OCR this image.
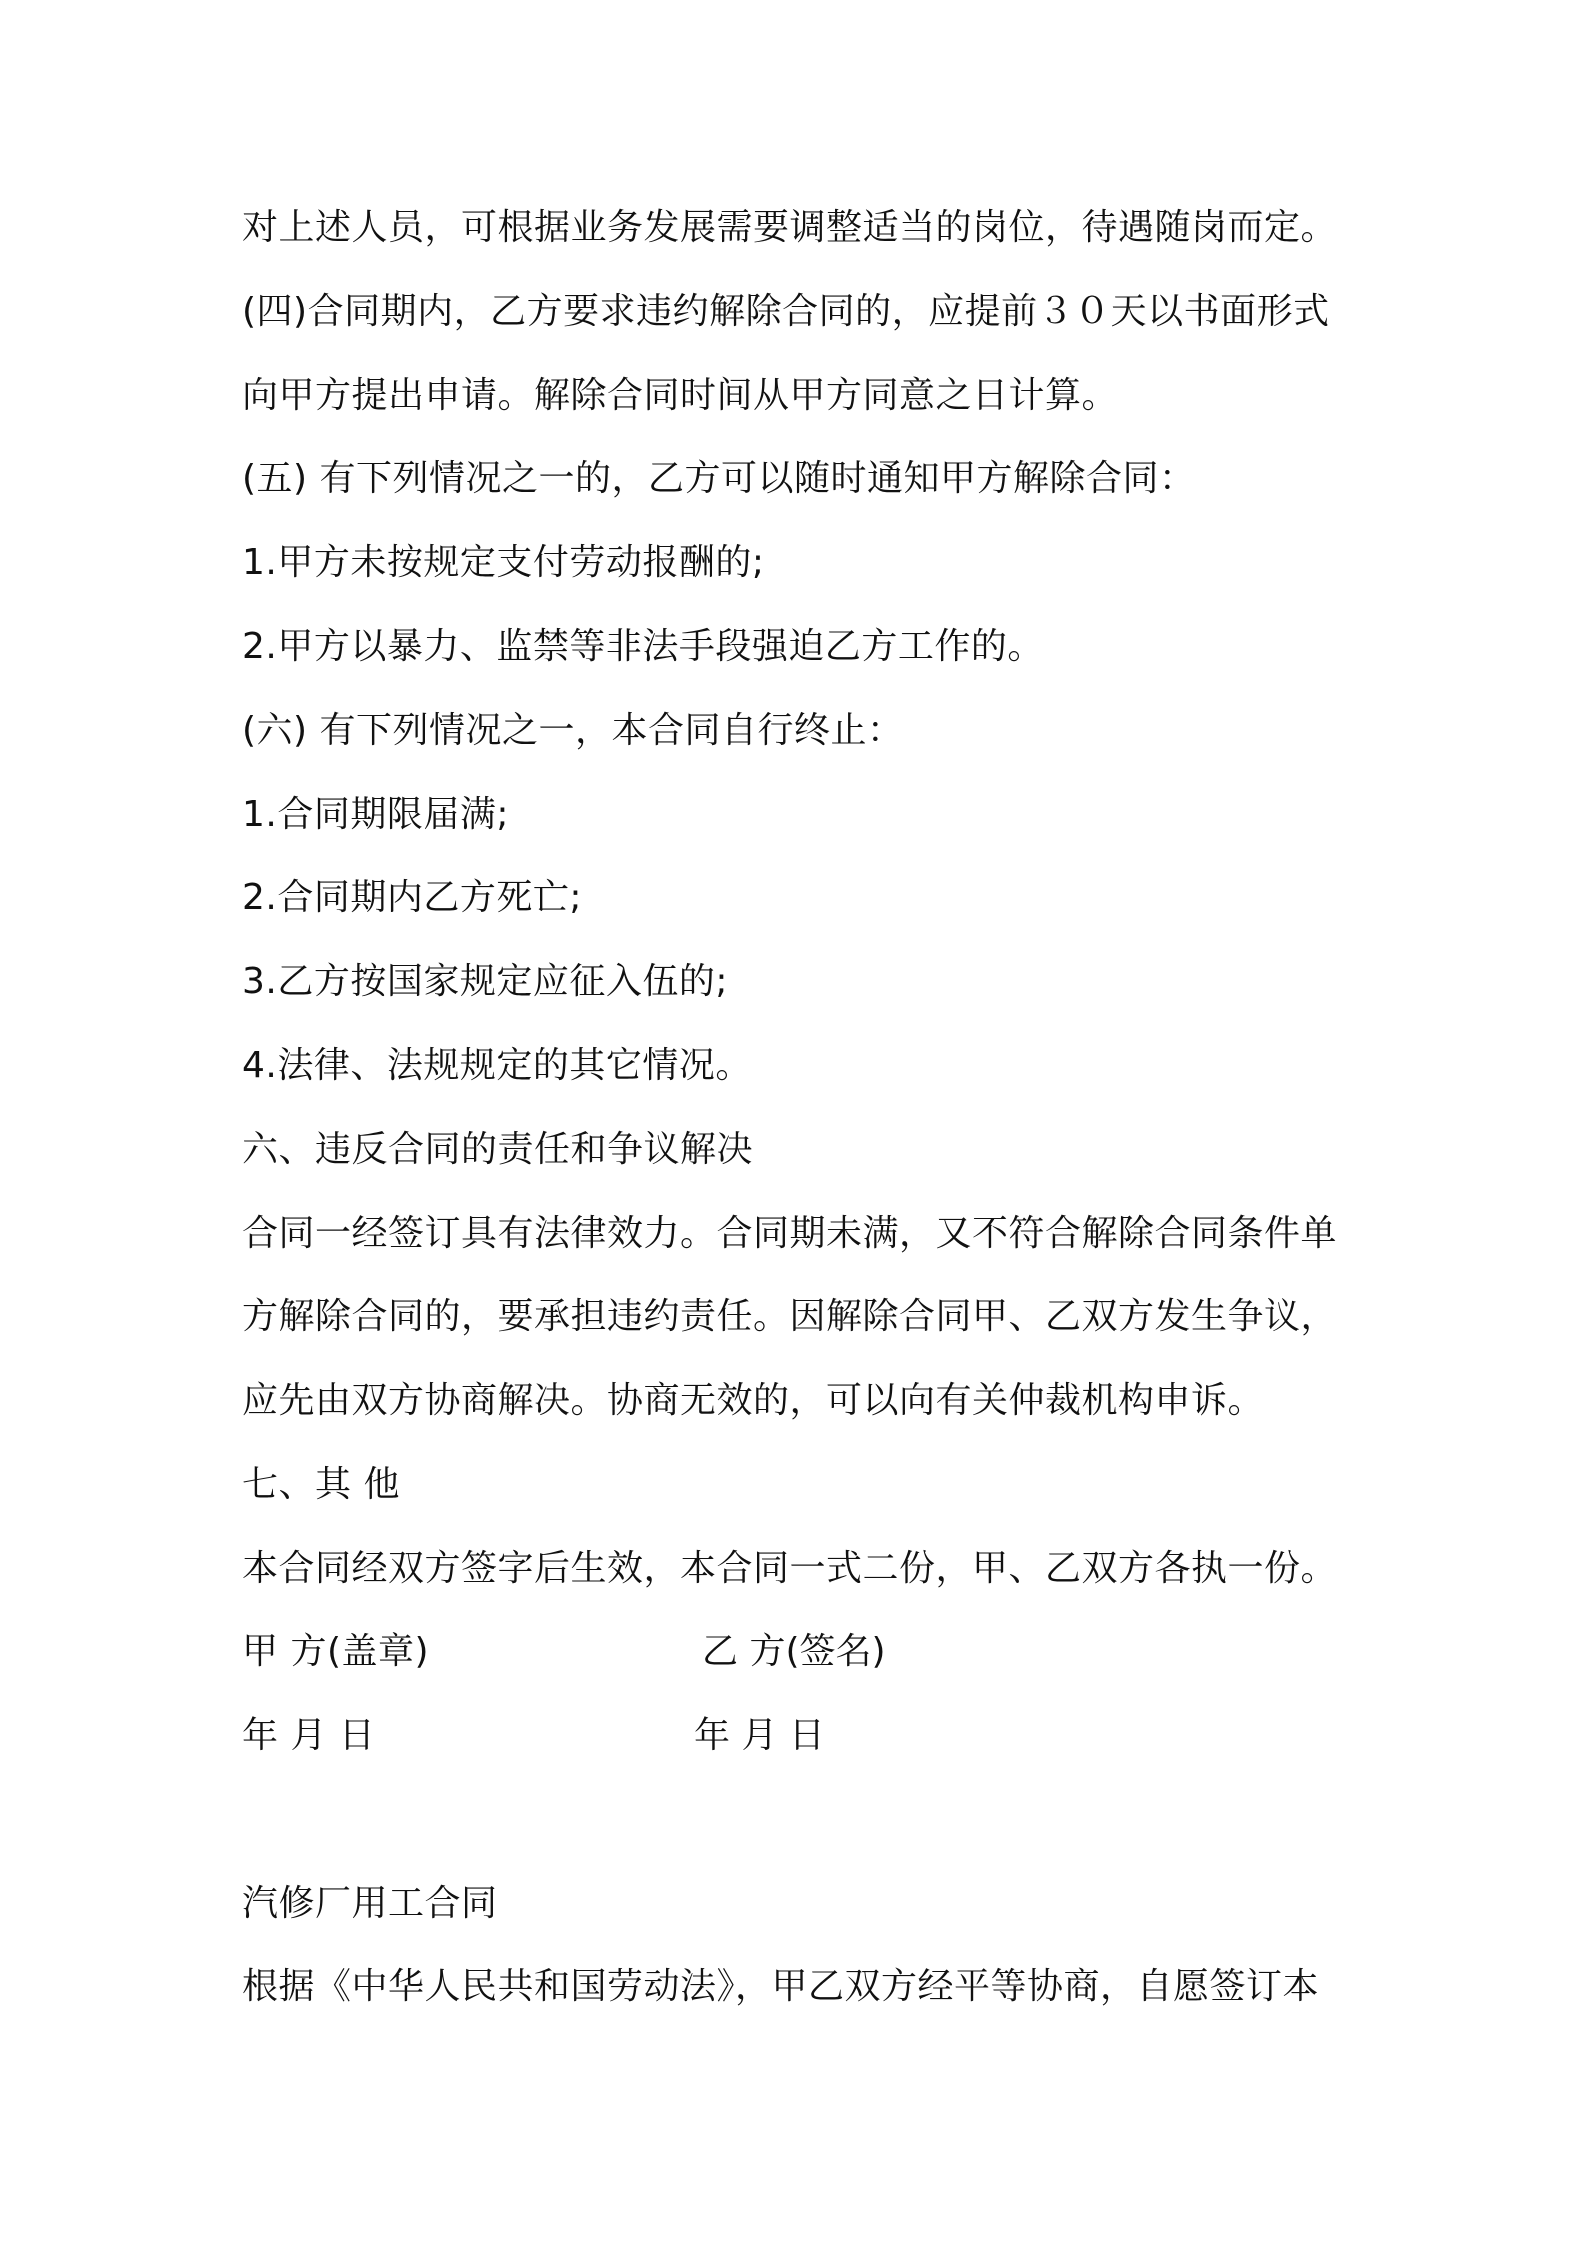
对上述人员，可根据业务发展需要调整适当的岗位，待遇随岗而定。
(四)合同期内，乙方要求违约解除合同的，应提前３０天以书面形式
向甲方提出申请。解除合同时间从甲方同意之日计算。
(五) 有下列情况之一的，乙方可以随时通知甲方解除合同：
1.甲方未按规定支付劳动报酬的;
2.甲方以暴力、监禁等非法手段强迫乙方工作的。
(六) 有下列情况之一，本合同自行终止：
1.合同期限届满;
2.合同期内乙方死亡;
3.乙方按国家规定应征入伍的;
4.法律、法规规定的其它情况。
六、违反合同的责任和争议解决
合同一经签订具有法律效力。合同期未满，又不符合解除合同条件单
方解除合同的，要承担违约责任。因解除合同甲、乙双方发生争议，
应先由双方协商解决。协商无效的，可以向有关仲裁机构申诉。
七、其 他
本合同经双方签字后生效，本合同一式二份，甲、乙双方各执一份。
甲 方(盖章)	乙 方(签名)
年 月 日	年 月 日
汽修厂用工合同
根据《中华人民共和国劳动法》，甲乙双方经平等协商，自愿签订本
